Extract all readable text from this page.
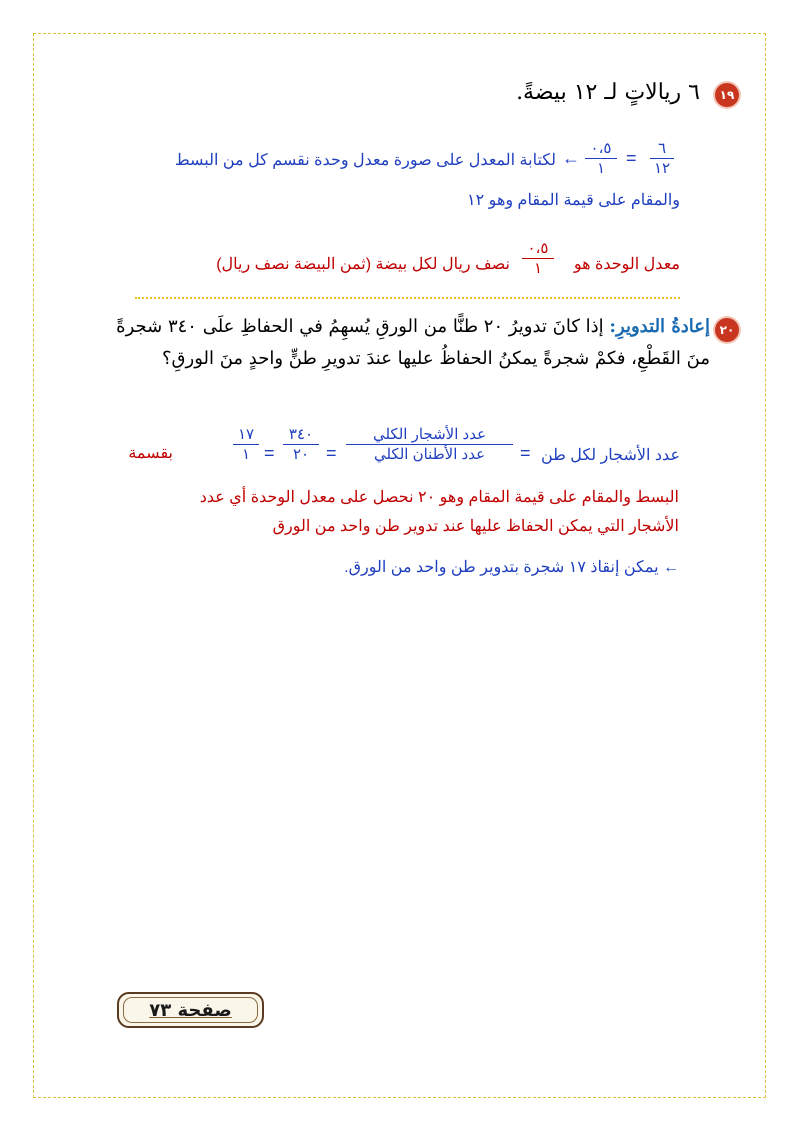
١٩
٦ ريالاتٍ لـ ١٢ بيضةً.
٦
١٢
=
٠،٥
١
←
لكتابة المعدل على صورة معدل وحدة نقسم كل من البسط
والمقام على قيمة المقام وهو ١٢
معدل الوحدة هو
٠،٥
١
نصف ريال لكل بيضة (ثمن البيضة نصف ريال)
٢٠
إعادةُ التدويرِ: إذا كانَ تدويرُ ٢٠ طنًّا من الورقِ يُسهِمُ في الحفاظِ علَى ٣٤٠ شجرةً
منَ القَطْعِ، فكمْ شجرةً يمكنُ الحفاظُ عليها عندَ تدويرِ طنٍّ واحدٍ منَ الورقِ؟
عدد الأشجار لكل طن
=
عدد الأشجار الكلي
عدد الأطنان الكلي
=
٣٤٠
٢٠
=
١٧
١
بقسمة
البسط والمقام على قيمة المقام وهو ٢٠ نحصل على معدل الوحدة أي عدد
الأشجار التي يمكن الحفاظ عليها عند تدوير طن واحد من الورق
← يمكن إنقاذ ١٧ شجرة بتدوير طن واحد من الورق.
صفحة ٧٣
